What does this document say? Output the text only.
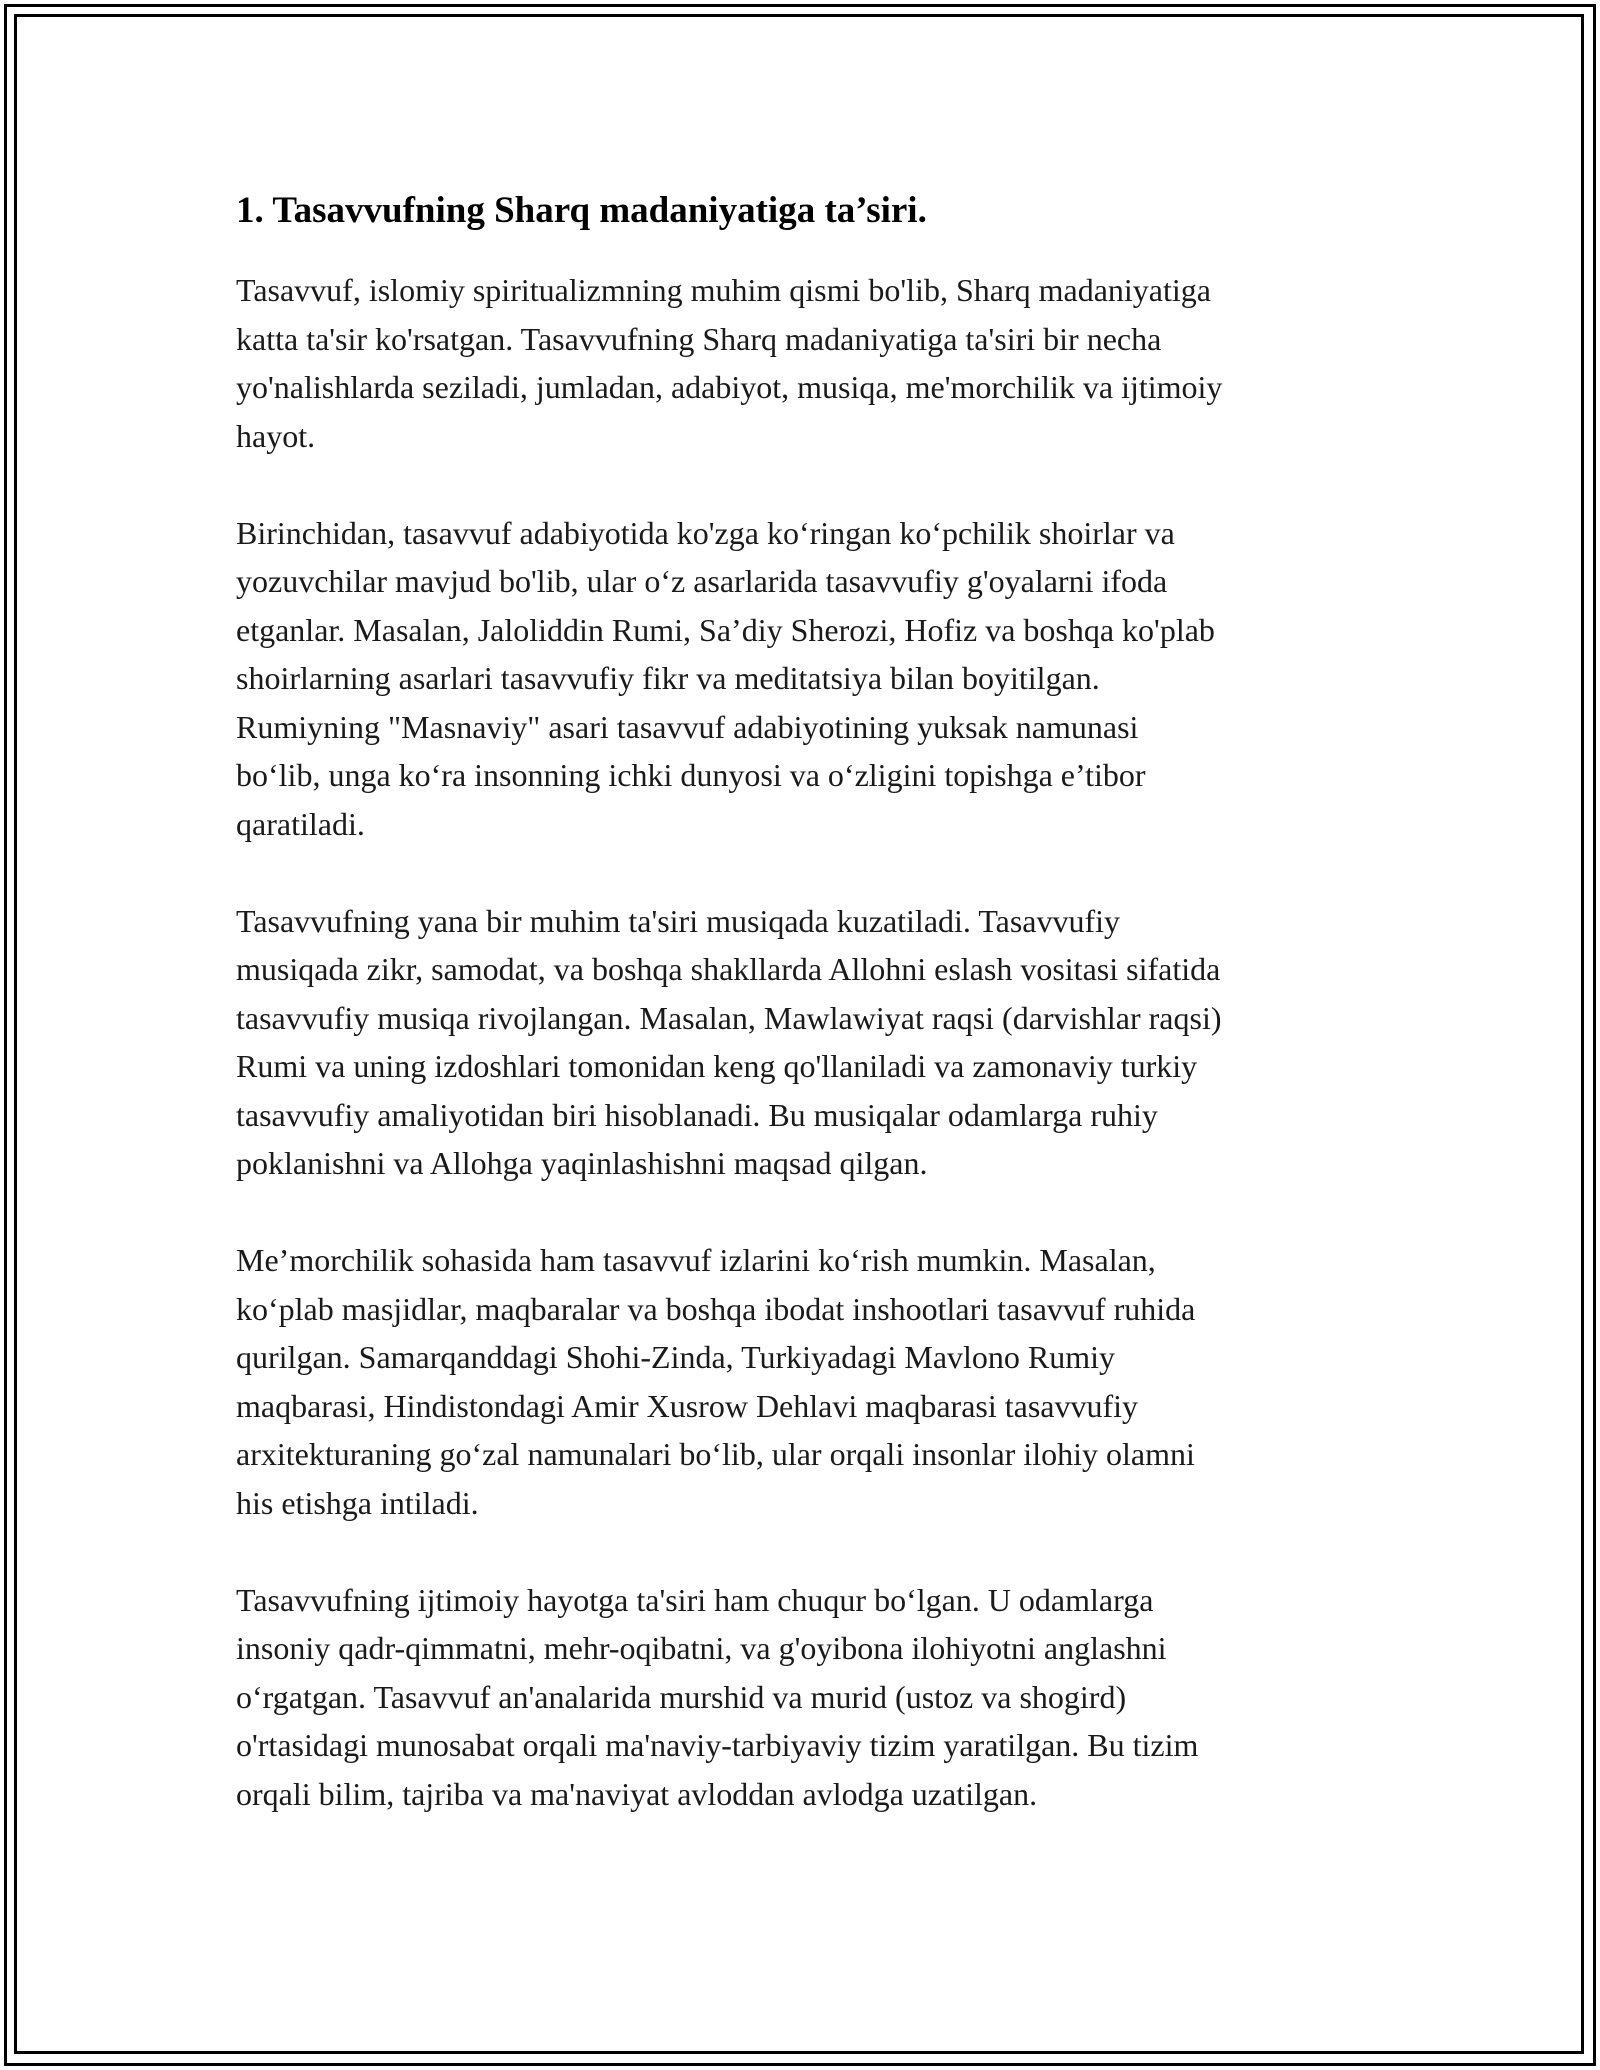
1. Tasavvufning Sharq madaniyatiga ta’siri.

Tasavvuf, islomiy spiritualizmning muhim qismi bo'lib, Sharq madaniyatiga
katta ta'sir ko'rsatgan. Tasavvufning Sharq madaniyatiga ta'siri bir necha
yo'nalishlarda seziladi, jumladan, adabiyot, musiqa, me'morchilik va ijtimoiy
hayot.

Birinchidan, tasavvuf adabiyotida ko'zga ko‘ringan ko‘pchilik shoirlar va
yozuvchilar mavjud bo'lib, ular o‘z asarlarida tasavvufiy g'oyalarni ifoda
etganlar. Masalan, Jaloliddin Rumi, Sa’diy Sherozi, Hofiz va boshqa ko'plab
shoirlarning asarlari tasavvufiy fikr va meditatsiya bilan boyitilgan.
Rumiyning "Masnaviy" asari tasavvuf adabiyotining yuksak namunasi
bo‘lib, unga ko‘ra insonning ichki dunyosi va o‘zligini topishga e’tibor
qaratiladi.

Tasavvufning yana bir muhim ta'siri musiqada kuzatiladi. Tasavvufiy
musiqada zikr, samodat, va boshqa shakllarda Allohni eslash vositasi sifatida
tasavvufiy musiqa rivojlangan. Masalan, Mawlawiyat raqsi (darvishlar raqsi)
Rumi va uning izdoshlari tomonidan keng qo'llaniladi va zamonaviy turkiy
tasavvufiy amaliyotidan biri hisoblanadi. Bu musiqalar odamlarga ruhiy
poklanishni va Allohga yaqinlashishni maqsad qilgan.

Me’morchilik sohasida ham tasavvuf izlarini ko‘rish mumkin. Masalan,
ko‘plab masjidlar, maqbaralar va boshqa ibodat inshootlari tasavvuf ruhida
qurilgan. Samarqanddagi Shohi-Zinda, Turkiyadagi Mavlono Rumiy
maqbarasi, Hindistondagi Amir Xusrow Dehlavi maqbarasi tasavvufiy
arxitekturaning go‘zal namunalari bo‘lib, ular orqali insonlar ilohiy olamni
his etishga intiladi.

Tasavvufning ijtimoiy hayotga ta'siri ham chuqur bo‘lgan. U odamlarga
insoniy qadr-qimmatni, mehr-oqibatni, va g'oyibona ilohiyotni anglashni
o‘rgatgan. Tasavvuf an'analarida murshid va murid (ustoz va shogird)
o'rtasidagi munosabat orqali ma'naviy-tarbiyaviy tizim yaratilgan. Bu tizim
orqali bilim, tajriba va ma'naviyat avloddan avlodga uzatilgan.
